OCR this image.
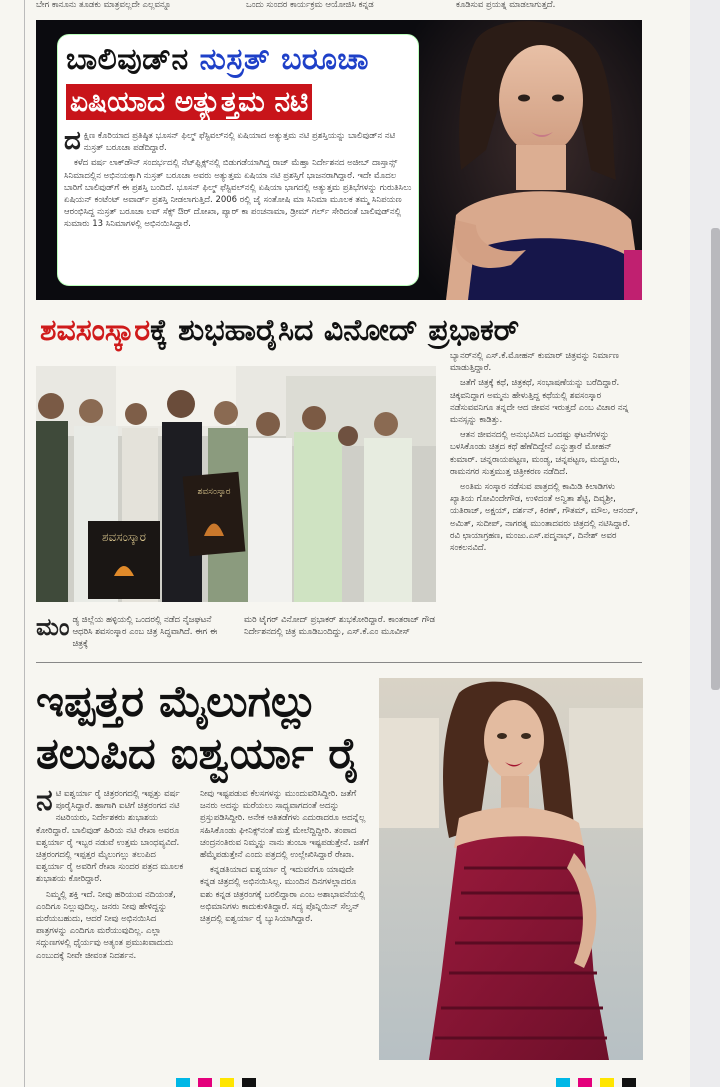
ಬೇಗ ಕಾನೂನು ತೂಡಕು ಮಾತ್ರವಲ್ಲದೇ ಎಲ್ಲವನ್ನೂ	ಒಂದು ಸುಂದರ ಕಾರ್ಯಕ್ರಮ ಆಯೋಜಿಸಿ ಕನ್ನಡ	ಕೂಡಿಸುವ ಪ್ರಯತ್ನ ಮಾಡಲಾಗುತ್ತದೆ.
ಬಾಲಿವುಡ್‌ನ ನುಸ್ರತ್ ಬರೂಚಾ
ಏಷಿಯಾದ ಅತ್ಯುತ್ತಮ ನಟಿ

ದಕ್ಷಿಣ ಕೊರಿಯಾದ ಪ್ರತಿಷ್ಠಿತ ಭೂಸನ್ ಫಿಲ್ಮ್ ಫೆಸ್ಟಿವಲ್‌ನಲ್ಲಿ ಏಷಿಯಾದ ಅತ್ಯುತ್ತಮ ನಟಿ ಪ್ರಶಸ್ತಿಯನ್ನು ಬಾಲಿವುಡ್‌ನ ನಟಿ ನುಸ್ರತ್ ಬರೂಚಾ ಪಡೆದಿದ್ದಾರೆ.

ಕಳೆದ ವರ್ಷ ಲಾಕ್‌ಡೌನ್ ಸಂದರ್ಭದಲ್ಲಿ ನೆಟ್‌ಫ್ಲಿಕ್ಸ್‌ನಲ್ಲಿ ಬಿಡುಗಡೆಯಾಗಿದ್ದ ರಾಜ್ ಮೆಹ್ತಾ ನಿರ್ದೇಶನದ ಅಜೀಬ್ ದಾಸ್ತಾನ್ಸ್ ಸಿನಿಮಾದಲ್ಲಿನ ಅಭಿನಯಕ್ಕಾಗಿ ನುಸ್ರತ್ ಬರೂಚಾ ಅವರು ಅತ್ಯುತ್ತಮ ಏಷಿಯಾ ನಟಿ ಪ್ರಶಸ್ತಿಗೆ ಭಾಜನರಾಗಿದ್ದಾರೆ. ಇದೇ ಮೊದಲ ಬಾರಿಗೆ ಬಾಲಿವುಡ್‌ಗೆ ಈ ಪ್ರಶಸ್ತಿ ಬಂದಿದೆ. ಭೂಸನ್ ಫಿಲ್ಮ್ ಫೆಸ್ಟಿವಲ್‌ನಲ್ಲಿ ಏಷಿಯಾ ಭಾಗದಲ್ಲಿ ಅತ್ಯುತ್ತಮ ಪ್ರತಿಭೆಗಳನ್ನು ಗುರುತಿಸಿಲು ಏಷಿಯನ್ ಕಂಟೆಂಟ್ ಅವಾರ್ಡ್ ಪ್ರಶಸ್ತಿ ನೀಡಲಾಗುತ್ತಿದೆ. 2006 ರಲ್ಲಿ ಜೈ ಸಂತೋಷಿ ಮಾ ಸಿನಿಮಾ ಮೂಲಕ ತಮ್ಮ ಸಿನಿಪಯಣ ಆರಂಭಿಸಿದ್ದ ನುಸ್ರತ್ ಬರೂಚಾ ಲವ್ ಸೆಕ್ಸ್ ಔರ್ ದೋಖಾ, ಪ್ಯಾರ್ ಕಾ ಪಂಚನಾಮಾ, ಡ್ರೀಮ್ ಗರ್ಲ್ ಸೇರಿದಂತೆ ಬಾಲಿವುಡ್‌ನಲ್ಲಿ ಸುಮಾರು 13 ಸಿನಿಮಾಗಳಲ್ಲಿ ಅಭಿನಯಿಸಿದ್ದಾರೆ.

ಶವಸಂಸ್ಕಾರಕ್ಕೆ ಶುಭಹಾರೈಸಿದ ವಿನೋದ್ ಪ್ರಭಾಕರ್
ಶವಸಂಸ್ಕಾರ
ಶವಸಂಸ್ಕಾರ
ಮಂಡ್ಯ ಜಿಲ್ಲೆಯ ಹಳ್ಳಿಯಲ್ಲಿ ಒಂದರಲ್ಲಿ ನಡೆದ ನೈಜಘಟನೆ ಆಧರಿಸಿ ಶವಸಂಸ್ಕಾರ ಎಂಬ ಚಿತ್ರ ಸಿದ್ಧವಾಗಿದೆ. ಈಗ ಈ ಚಿತ್ರಕ್ಕೆ
ಮರಿ ಟೈಗರ್ ವಿನೋದ್ ಪ್ರಭಾಕರ್ ಶುಭಕೋರಿದ್ದಾರೆ. ಕಾಂತರಾಜ್ ಗೌಡ ನಿರ್ದೇಶನದಲ್ಲಿ ಚಿತ್ರ ಮೂಡಿಬಂದಿದ್ದು, ಎಸ್.ಕೆ.ಎಂ ಮೂವೀಸ್

ಬ್ಯಾನರ್‌ನಲ್ಲಿ ಎಸ್.ಕೆ.ಮೋಹನ್ ಕುಮಾರ್ ಚಿತ್ರವನ್ನು ನಿರ್ಮಾಣ ಮಾಡುತ್ತಿದ್ದಾರೆ.

ಜತೆಗೆ ಚಿತ್ರಕ್ಕೆ ಕಥೆ, ಚಿತ್ರಕಥೆ, ಸಂಭಾಷಣೆಯನ್ನು ಬರೆದಿದ್ದಾರೆ. ಚಿಕ್ಕವನಿದ್ದಾಗ ಅಮ್ಮನು ಹೇಳುತ್ತಿದ್ದ ಕಥೆಯಲ್ಲಿ ಶವಸಂಸ್ಕಾರ ನಡೆಸುವವನಿಗೂ ತನ್ನದೇ ಆದ ಜೀವನ ಇರುತ್ತದೆ ಎಂಬ ವಿಚಾರ ನನ್ನ ಮನಸ್ಸನ್ನು ಕಾಡಿತ್ತು.

ಆತನ ಜೀವನದಲ್ಲಿ ಅನುಭವಿಸಿದ ಒಂದಷ್ಟು ಘಟನೆಗಳನ್ನು ಬಳಸಿಕೊಂಡು ಚಿತ್ರದ ಕಥೆ ಹೆಣೆದಿದ್ದೇನೆ ಎನ್ನುತ್ತಾರೆ ಮೋಹನ್ ಕುಮಾರ್. ಚನ್ನರಾಯಪಟ್ಟಣ, ಮಂಡ್ಯ, ಚನ್ನಪಟ್ಟಣ, ಮದ್ದೂರು, ರಾಮನಗರ ಸುತ್ತಮುತ್ತ ಚಿತ್ರೀಕರಣ ನಡೆದಿದೆ.

ಅಂತಿಮ ಸಂಸ್ಕಾರ ನಡೆಸುವ ಪಾತ್ರದಲ್ಲಿ ಕಾಮಿಡಿ ಕಿಲಾಡಿಗಳು ಖ್ಯಾತಿಯ ಗೋವಿಂದೇಗೌಡ, ಉಳಿದಂತೆ ಅನ್ವಿತಾ ಶೆಟ್ಟಿ, ದಿವ್ಯಶ್ರೀ, ಯತಿರಾಜ್, ಅಕ್ಷಯ್, ದರ್ಶನ್, ಕಿರಣ್, ಗೌತಮ್, ಮೌಲ, ಆನಂದ್, ಅಮಿತ್, ಸುದೀಪ್, ನಾಗರತ್ನ ಮುಂತಾದವರು ಚಿತ್ರದಲ್ಲಿ ನಟಿಸಿದ್ದಾರೆ. ರವಿ ಛಾಯಾಗ್ರಹಣ, ಮಂಜು.ಎಸ್.ಪದ್ಮನಾಭ್, ದಿನೇಶ್ ಅವರ ಸಂಕಲನವಿದೆ.

ಇಪ್ಪತ್ತರ ಮೈಲುಗಲ್ಲು
ತಲುಪಿದ ಐಶ್ವರ್ಯಾ ರೈ

ನಟಿ ಐಶ್ವರ್ಯಾ ರೈ ಚಿತ್ರರಂಗದಲ್ಲಿ ಇಪ್ಪತ್ತು ವರ್ಷ ಪೂರೈಸಿದ್ದಾರೆ. ಹಾಗಾಗಿ ಐಟಿಗೆ ಚಿತ್ರರಂಗದ ನಟಿ ನಟರಿಯರು, ನಿರ್ದೇಶಕರು ಶುಭಾಶಯ ಕೋರಿದ್ದಾರೆ. ಬಾಲಿವುಡ್ ಹಿರಿಯ ನಟಿ ರೇಖಾ ಅವರೂ ಐಶ್ವರ್ಯಾ ರೈ ಇಬ್ಬರ ನಡುವೆ ಉತ್ತಮ ಬಾಂಧವ್ಯವಿದೆ. ಚಿತ್ರರಂಗದಲ್ಲಿ ಇಪ್ಪತ್ತರ ಮೈಲುಗಲ್ಲು ತಲುಪಿದ ಐಶ್ವರ್ಯಾ ರೈ ಅವರಿಗೆ ರೇಖಾ ಸುಂದರ ಪತ್ರದ ಮೂಲಕ ಶುಭಾಶಯ ಕೋರಿದ್ದಾರೆ.

ನಿಮ್ಮಲ್ಲಿ ಶಕ್ತಿ ಇದೆ. ನೀವು ಹರಿಯುವ ನದಿಯಂತೆ, ಎಂದಿಗೂ ನಿಲ್ಲುವುದಿಲ್ಲ. ಜನರು ನೀವು ಹೇಳಿದ್ದನ್ನು ಮರೆಯಬಹುದು, ಆದರೆ ನೀವು ಅಭಿನಯಿಸಿದ ಪಾತ್ರಗಳನ್ನು ಎಂದಿಗೂ ಮರೆಯುವುದಿಲ್ಲ. ಎಲ್ಲಾ ಸದ್ಗುಣಗಳಲ್ಲಿ ಧೈರ್ಯವು ಅತ್ಯಂತ ಪ್ರಮುಖವಾದುದು ಎಂಬುದಕ್ಕೆ ನೀವೇ ಜೀವಂತ ನಿದರ್ಶನ.

ನೀವು ಇಷ್ಟಪಡುವ ಕೆಲಸಗಳನ್ನು ಮುಂದುವರಿಸಿದ್ದೀರಿ. ಜತೆಗೆ ಜನರು ಅದನ್ನು ಮರೆಯಲು ಸಾಧ್ಯವಾಗದಂತೆ ಅದನ್ನು ಪ್ರಸ್ತುಪಡಿಸಿದ್ದೀರಿ. ಅನೇಕ ಆತಿತಡೆಗಳು ಎದುರಾದರೂ ಅದನ್ನೆಲ್ಲ ಸಹಿಸಿಕೊಂಡು ಘೀನಿಕ್ಸ್‌ನಂತೆ ಮತ್ತೆ ಮೇಲೆದ್ದಿದ್ದೀರಿ. ತಂಪಾದ ಚಂದ್ರನಂತಿರುವ ನಿಮ್ಮನ್ನು ನಾನು ತುಂಬಾ ಇಷ್ಟಪಡುತ್ತೇನೆ. ಜತೆಗೆ ಹೆಮ್ಮೆಪಡುತ್ತೇನೆ ಎಂದು ಪತ್ರದಲ್ಲಿ ಉಲ್ಲೇಖಿಸಿದ್ದಾರೆ ರೇಖಾ.

ಕನ್ನಡತಿಯಾದ ಐಶ್ವರ್ಯಾ ರೈ ಇದುವರೆಗೂ ಯಾವುದೇ ಕನ್ನಡ ಚಿತ್ರದಲ್ಲಿ ಅಭಿನಯಿಸಿಲ್ಲ. ಮುಂದಿನ ದಿನಗಳಲ್ಲಾದರೂ ಐಶು ಕನ್ನಡ ಚಿತ್ರರಂಗಕ್ಕೆ ಬರಲಿದ್ದಾರಾ ಎಂಬ ಅಶಾಭಾವನೆಯಲ್ಲಿ ಅಭಿಮಾನಿಗಳು ಕಾದುಕುಳಿತಿದ್ದಾರೆ. ಸದ್ಯ ಪೊನ್ನಿಯಿನ್ ಸೆಲ್ವನ್ ಚಿತ್ರದಲ್ಲಿ ಐಶ್ವರ್ಯಾ ರೈ ಬ್ಯುಸಿಯಾಗಿದ್ದಾರೆ.
